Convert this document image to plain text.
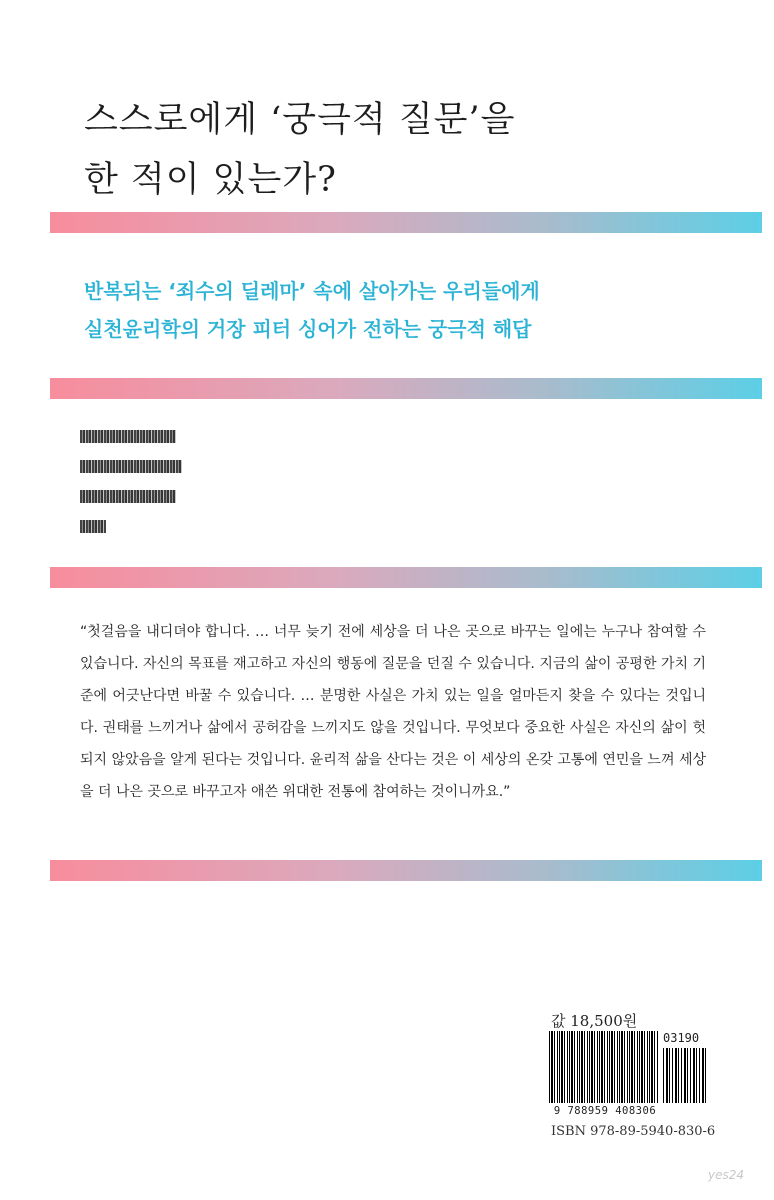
스스로에게 ‘궁극적 질문’을
한 적이 있는가?
반복되는 ‘죄수의 딜레마’ 속에 살아가는 우리들에게
실천윤리학의 거장 피터 싱어가 전하는 궁극적 해답
“첫걸음을 내디뎌야 합니다. … 너무 늦기 전에 세상을 더 나은 곳으로 바꾸는 일에는 누구나 참여할 수 있습니다. 자신의 목표를 재고하고 자신의 행동에 질문을 던질 수 있습니다. 지금의 삶이 공평한 가치 기준에 어긋난다면 바꿀 수 있습니다. … 분명한 사실은 가치 있는 일을 얼마든지 찾을 수 있다는 것입니다. 권태를 느끼거나 삶에서 공허감을 느끼지도 않을 것입니다. 무엇보다 중요한 사실은 자신의 삶이 헛되지 않았음을 알게 된다는 것입니다. 윤리적 삶을 산다는 것은 이 세상의 온갖 고통에 연민을 느껴 세상을 더 나은 곳으로 바꾸고자 애쓴 위대한 전통에 참여하는 것이니까요.”
값 18,500원
03190
9 788959 408306
ISBN 978-89-5940-830-6
yes24
